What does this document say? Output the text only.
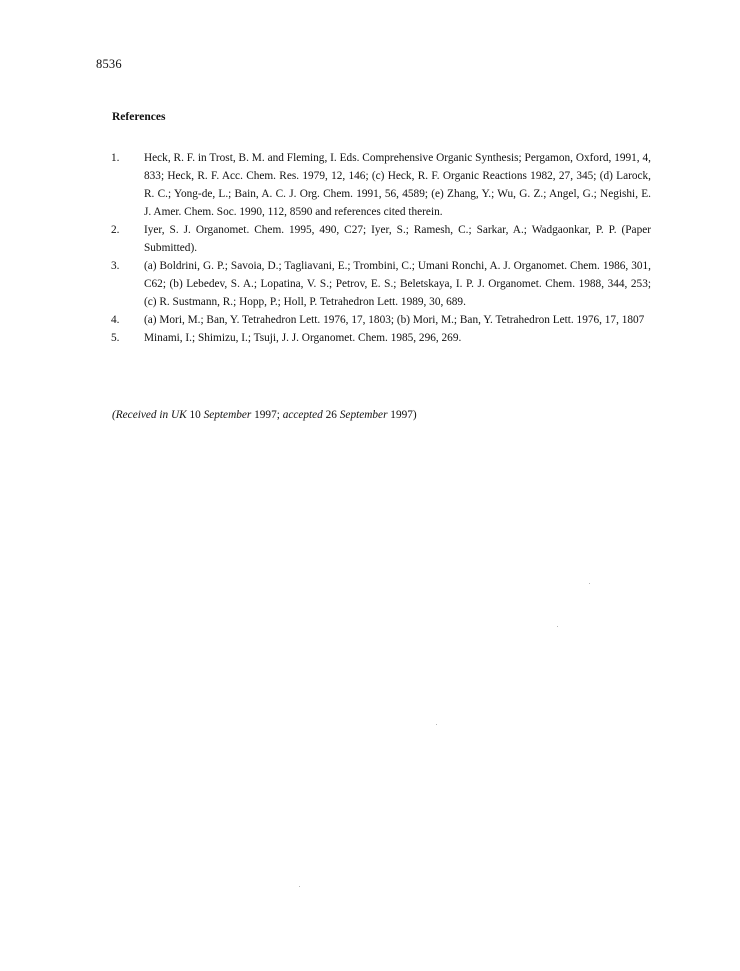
8536
References
1.	Heck, R. F. in Trost, B. M. and Fleming, I. Eds. Comprehensive Organic Synthesis; Pergamon, Oxford, 1991, 4, 833; Heck, R. F. Acc. Chem. Res. 1979, 12, 146; (c) Heck, R. F. Organic Reactions 1982, 27, 345; (d) Larock, R. C.; Yong-de, L.; Bain, A. C. J. Org. Chem. 1991, 56, 4589; (e) Zhang, Y.; Wu, G. Z.; Angel, G.; Negishi, E. J. Amer. Chem. Soc. 1990, 112, 8590 and references cited therein.
2.	Iyer, S. J. Organomet. Chem. 1995, 490, C27; Iyer, S.; Ramesh, C.; Sarkar, A.; Wadgaonkar, P. P. (Paper Submitted).
3.	(a) Boldrini, G. P.; Savoia, D.; Tagliavani, E.; Trombini, C.; Umani Ronchi, A. J. Organomet. Chem. 1986, 301, C62; (b) Lebedev, S. A.; Lopatina, V. S.; Petrov, E. S.; Beletskaya, I. P. J. Organomet. Chem. 1988, 344, 253; (c) R. Sustmann, R.; Hopp, P.; Holl, P. Tetrahedron Lett. 1989, 30, 689.
4.	(a) Mori, M.; Ban, Y. Tetrahedron Lett. 1976, 17, 1803; (b) Mori, M.; Ban, Y. Tetrahedron Lett. 1976, 17, 1807
5.	Minami, I.; Shimizu, I.; Tsuji, J. J. Organomet. Chem. 1985, 296, 269.
(Received in UK 10 September 1997; accepted 26 September 1997)
